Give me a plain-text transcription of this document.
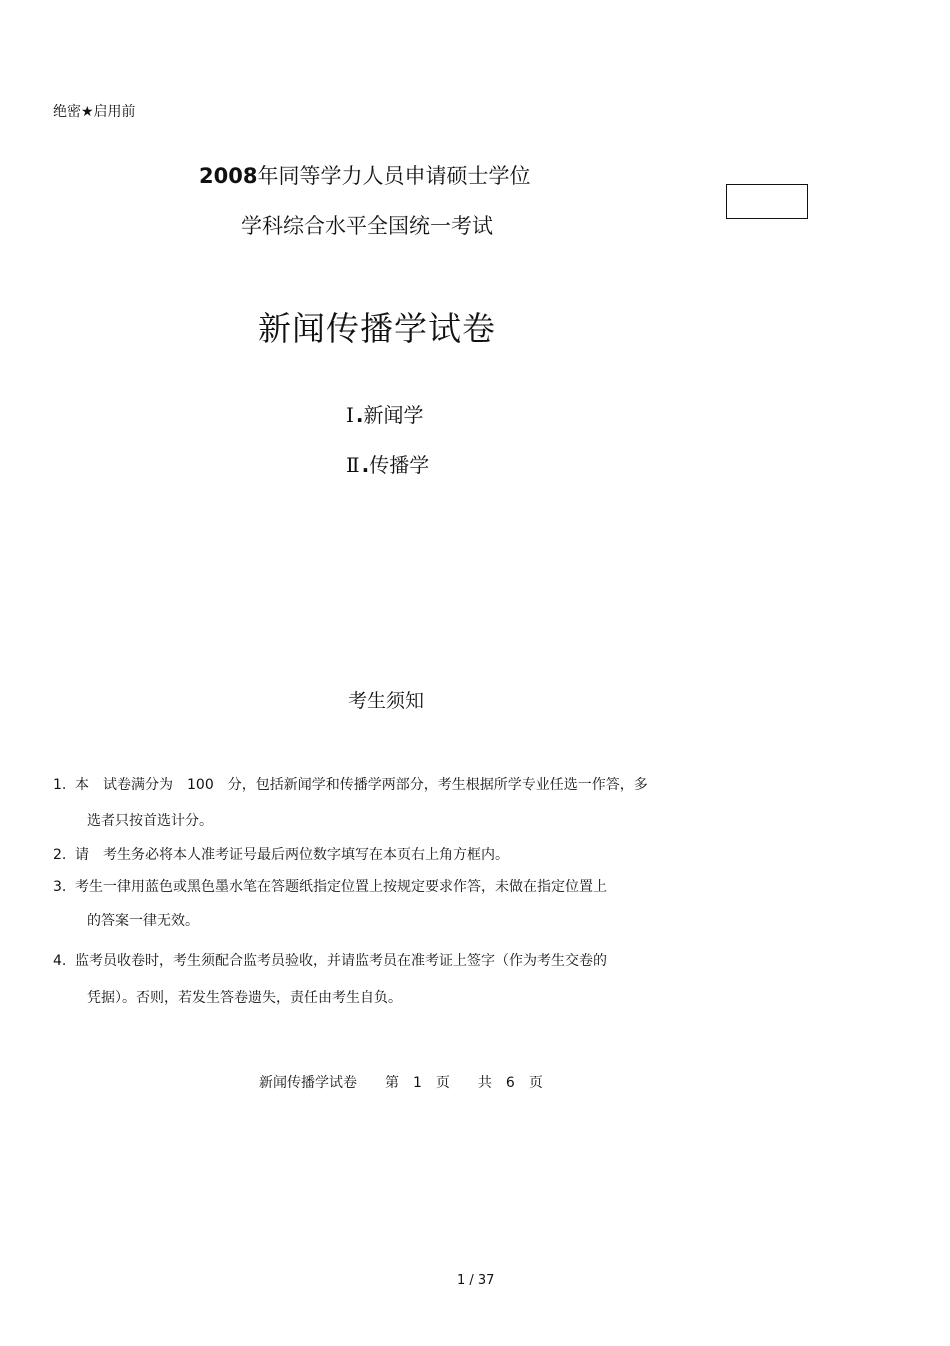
绝密★启用前
2008年同等学力人员申请硕士学位
学科综合水平全国统一考试
新闻传播学试卷
Ⅰ .新闻学
Ⅱ .传播学
考生须知
1. 本　试卷满分为　100　分，包括新闻学和传播学两部分，考生根据所学专业任选一作答，多
选者只按首选计分。
2. 请　考生务必将本人准考证号最后两位数字填写在本页右上角方框内。
3. 考生一律用蓝色或黑色墨水笔在答题纸指定位置上按规定要求作答，未做在指定位置上
的答案一律无效。
4. 监考员收卷时，考生须配合监考员验收，并请监考员在准考证上签字（作为考生交卷的
凭据）。否则，若发生答卷遗失，责任由考生自负。
新闻传播学试卷　　第　1　页　　共　6　页
1 / 37
